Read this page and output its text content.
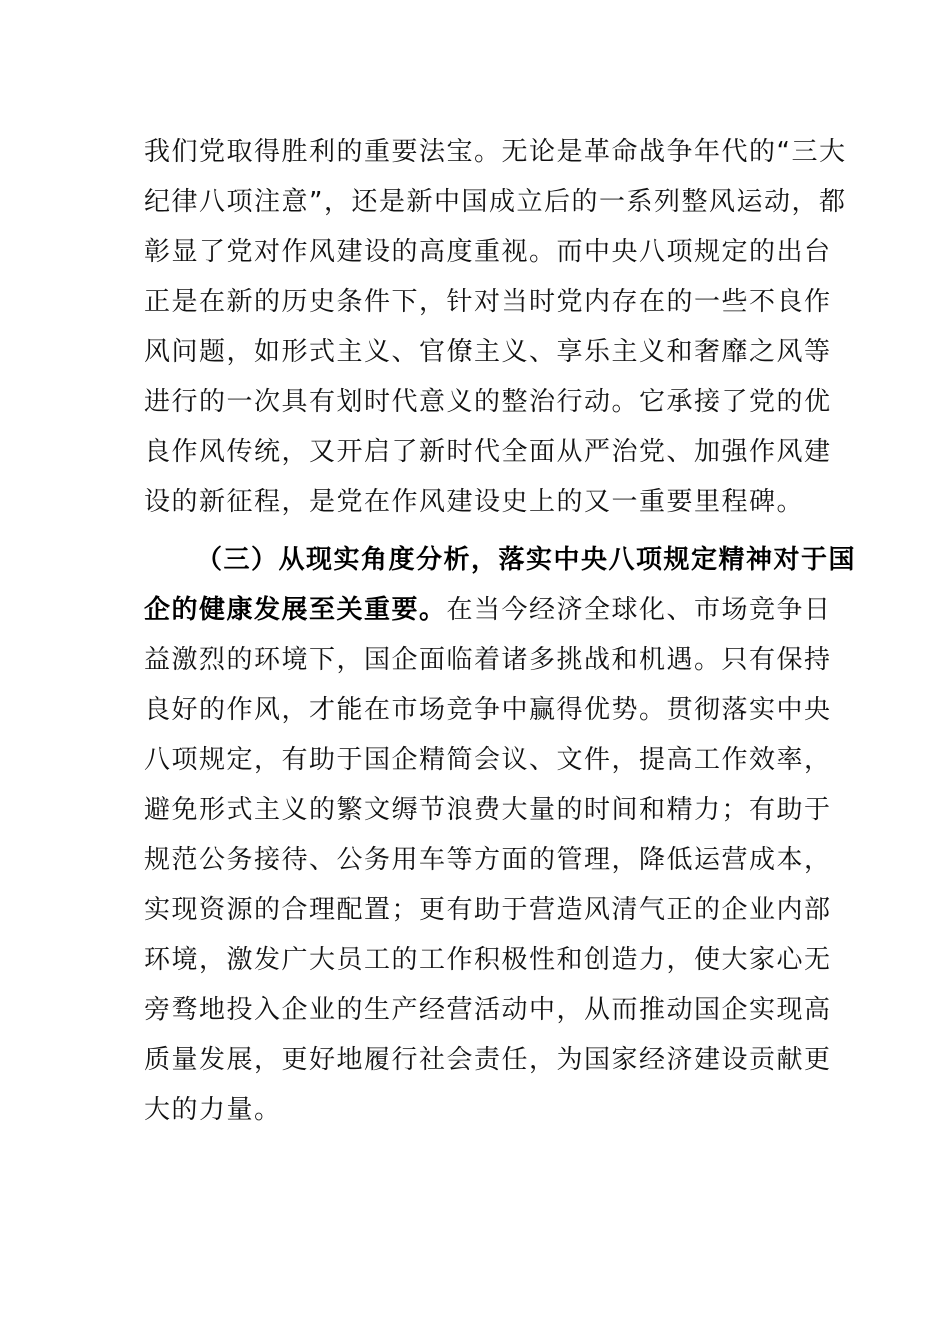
我们党取得胜利的重要法宝。无论是革命战争年代的“三大
纪律八项注意”，还是新中国成立后的一系列整风运动，都
彰显了党对作风建设的高度重视。而中央八项规定的出台
正是在新的历史条件下，针对当时党内存在的一些不良作
风问题，如形式主义、官僚主义、享乐主义和奢靡之风等
进行的一次具有划时代意义的整治行动。它承接了党的优
良作风传统，又开启了新时代全面从严治党、加强作风建
设的新征程，是党在作风建设史上的又一重要里程碑。
（三）从现实角度分析，落实中央八项规定精神对于国
企的健康发展至关重要。在当今经济全球化、市场竞争日
益激烈的环境下，国企面临着诸多挑战和机遇。只有保持
良好的作风，才能在市场竞争中赢得优势。贯彻落实中央
八项规定，有助于国企精简会议、文件，提高工作效率，
避免形式主义的繁文缛节浪费大量的时间和精力；有助于
规范公务接待、公务用车等方面的管理，降低运营成本，
实现资源的合理配置；更有助于营造风清气正的企业内部
环境，激发广大员工的工作积极性和创造力，使大家心无
旁骛地投入企业的生产经营活动中，从而推动国企实现高
质量发展，更好地履行社会责任，为国家经济建设贡献更
大的力量。
